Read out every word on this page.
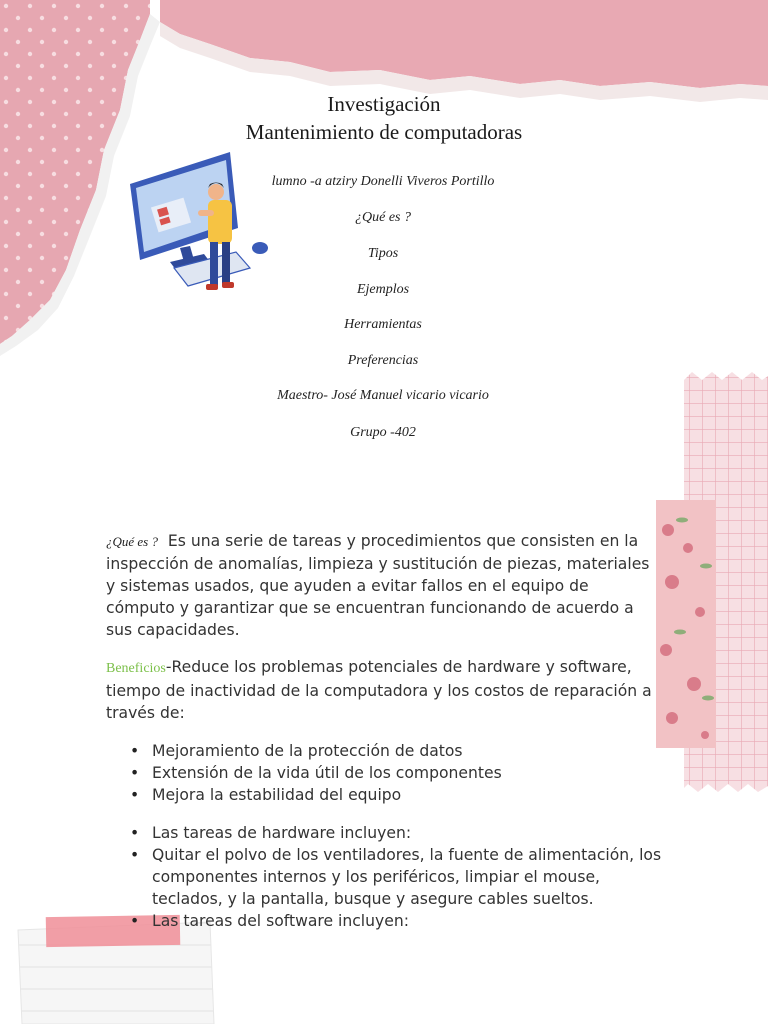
Investigación
Mantenimiento de computadoras
lumno -a atziry Donelli Viveros Portillo
¿Qué es ?
Tipos
Ejemplos
Herramientas
Preferencias
Maestro- José Manuel vicario vicario
Grupo -402
¿Qué es ? Es una serie de tareas y procedimientos que consisten en la inspección de anomalías, limpieza y sustitución de piezas, materiales y sistemas usados, que ayuden a evitar fallos en el equipo de cómputo y garantizar que se encuentran funcionando de acuerdo a sus capacidades.
Beneficios-Reduce los problemas potenciales de hardware y software, tiempo de inactividad de la computadora y los costos de reparación a través de:
• Mejoramiento de la protección de datos
• Extensión de la vida útil de los componentes
• Mejora la estabilidad del equipo
• Las tareas de hardware incluyen:
• Quitar el polvo de los ventiladores, la fuente de alimentación, los componentes internos y los periféricos, limpiar el mouse, teclados, y la pantalla, busque y asegure cables sueltos.
• Las tareas del software incluyen:
